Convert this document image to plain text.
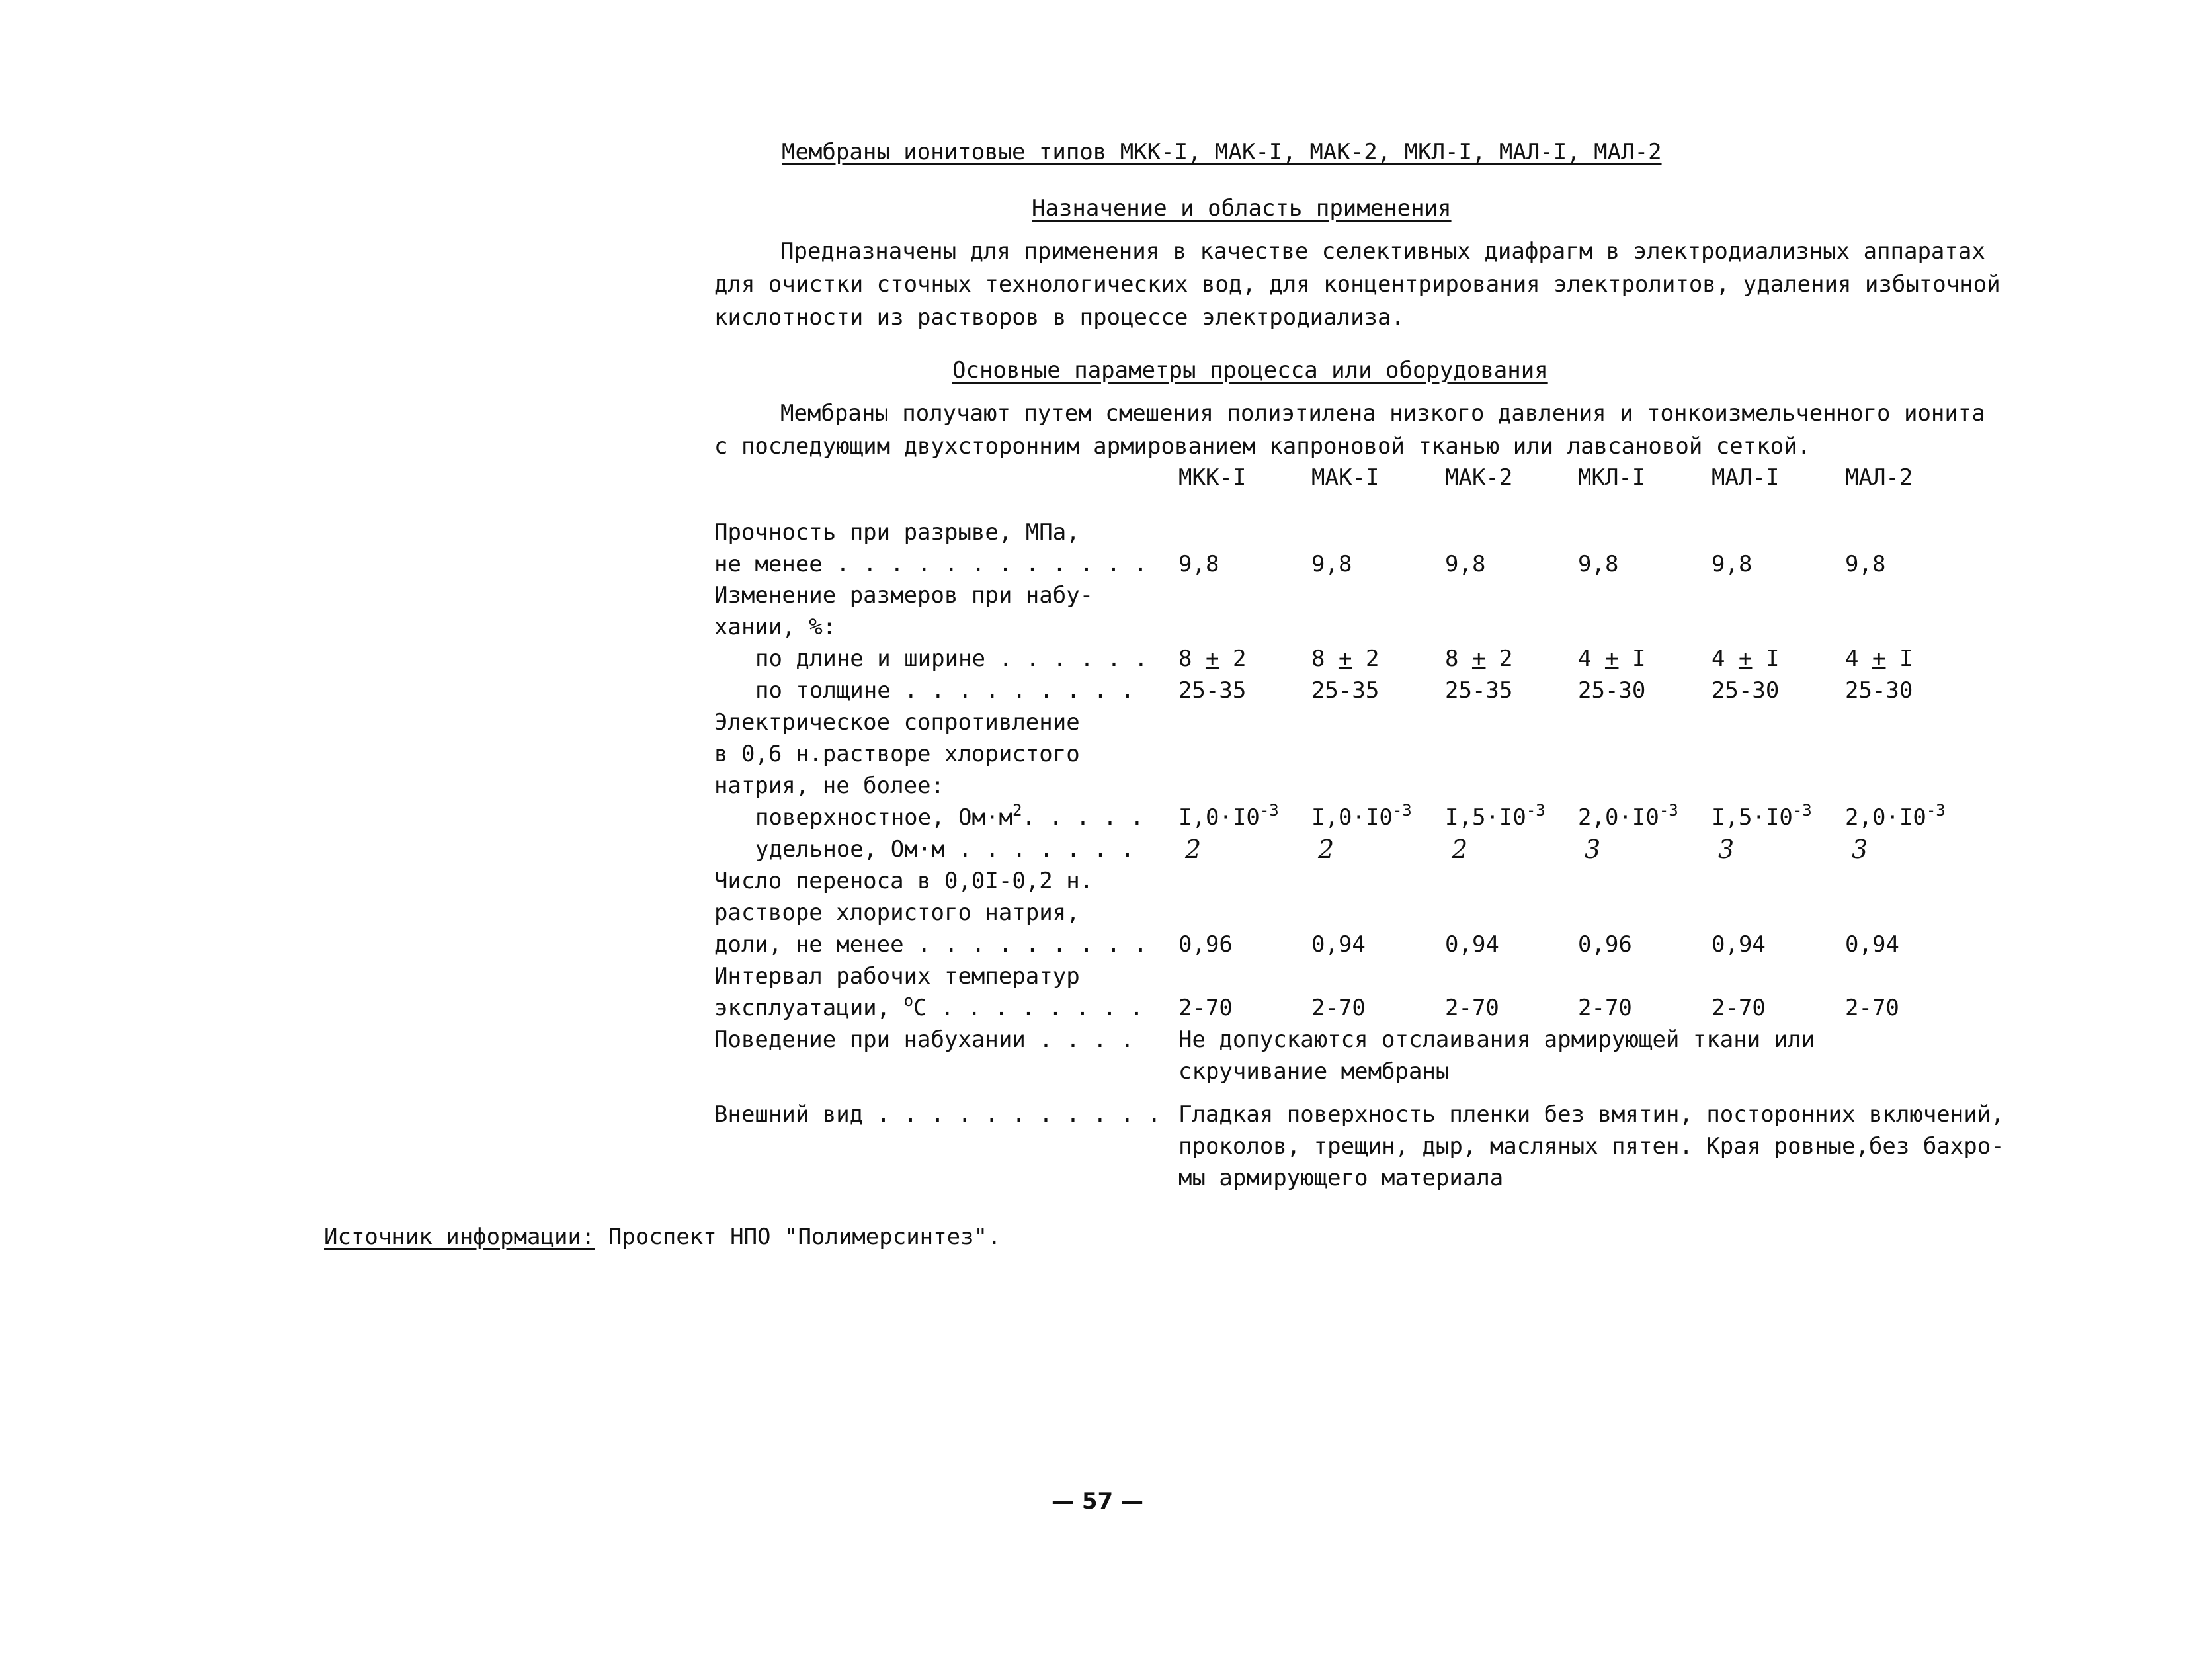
Мембраны ионитовые типов МКК-I, МАК-I, МАК-2, МКЛ-I, МАЛ-I, МАЛ-2
Назначение и область применения
Предназначены для применения в качестве селективных диафрагм в электродиализных аппаратах
для очистки сточных технологических вод, для концентрирования электролитов, удаления избыточной
кислотности из растворов в процессе электродиализа.
Основные параметры процесса или оборудования
Мембраны получают путем смешения полиэтилена низкого давления и тонкоизмельченного ионита
с последующим двухсторонним армированием капроновой тканью или лавсановой сеткой.
МКК-I	МАК-I	МАК-2	МКЛ-I	МАЛ-I	МАЛ-2
Прочность при разрыве, МПа,
не менее . . . . . . . . . . . . 9,8	9,8	9,8	9,8	9,8	9,8
Изменение размеров при набу-
хании, %:
по длине и ширине . . . . . . 8 + 2	8 + 2	8 + 2	4 + I	4 + I	4 + I
по толщине . . . . . . . . . 25-35	25-35	25-35	25-30	25-30	25-30
Электрическое сопротивление
в 0,6 н.растворе хлористого
натрия, не более:
поверхностное, $Ом\cdot м^2$. . . . . $I,0\cdot I0^{-3}$ $I,0\cdot I0^{-3}$ $I,5\cdot I0^{-3}$ $2,0\cdot I0^{-3}$ $I,5\cdot I0^{-3}$ $2,0\cdot I0^{-3}$
удельное, Ом·м . . . . . . . 2	2	2	3	3	3
Число переноса в 0,0I-0,2 н.
растворе хлористого натрия,
доли, не менее . . . . . . . . . 0,96	0,94	0,94	0,96	0,94	0,94
Интервал рабочих температур
эксплуатации, $^о$С . . . . . . . . 2-70	2-70	2-70	2-70	2-70	2-70
Поведение при набухании . . . . Не допускаются отслаивания армирующей ткани или
скручивание мембраны
Внешний вид . . . . . . . . . . . Гладкая поверхность пленки без вмятин, посторонних включений,
проколов, трещин, дыр, масляных пятен. Края ровные,без бахро-
мы армирующего материала
Источник информации: Проспект НПО "Полимерсинтез".
— 57 —
